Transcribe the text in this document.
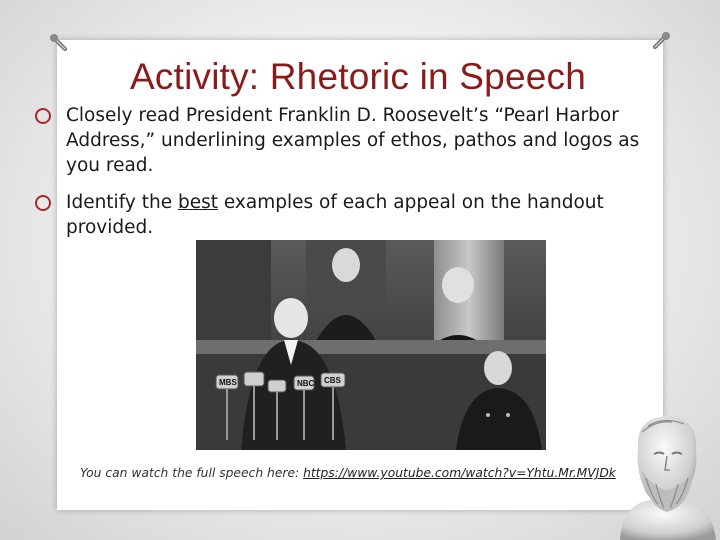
Activity: Rhetoric in Speech
Closely read President Franklin D. Roosevelt’s “Pearl Harbor Address,” underlining examples of ethos, pathos and logos as you read.
Identify the best examples of each appeal on the handout provided.
MBS	NBC CBS
You can watch the full speech here: https://www.youtube.com/watch?v=Yhtu.Mr.MVJDk
